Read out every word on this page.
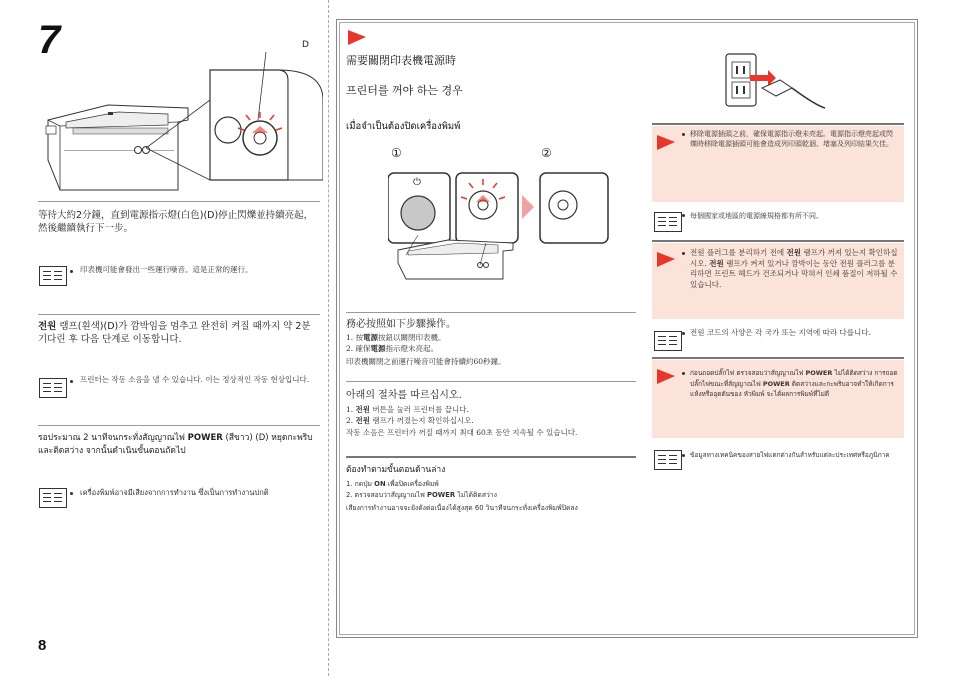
7
8
D
等待大約2分鐘，直到電源指示燈(白色)(D)停止閃爍並持續亮起，然後繼續執行下一步。
印表機可能會發出一些運行噪音。這是正常的運行。
전원 램프(흰색)(D)가 깜박임을 멈추고 완전히 켜질 때까지 약 2분 기다린 후 다음 단계로 이동합니다.
프린터는 작동 소음을 낼 수 있습니다. 이는 정상적인 작동 현상입니다.
รอประมาณ 2 นาทีจนกระทั่งสัญญาณไฟ POWER (สีขาว) (D) หยุดกะพริบและติดสว่าง จากนั้นดำเนินขั้นตอนถัดไป
เครื่องพิมพ์อาจมีเสียงจากการทำงาน ซึ่งเป็นการทำงานปกติ
需要關閉印表機電源時
프린터를 꺼야 하는 경우
เมื่อจำเป็นต้องปิดเครื่องพิมพ์
①	②
⏻
務必按照如下步驟操作。
1. 按電源按鈕以關閉印表機。
2. 確保電源指示燈未亮起。
印表機關閉之前運行噪音可能會持續約60秒鐘。
아래의 절차를 따르십시오.
1. 전원 버튼을 눌러 프린터를 끕니다.
2. 전원 램프가 꺼졌는지 확인하십시오.
작동 소음은 프린터가 꺼질 때까지 최대 60초 동안 지속될 수 있습니다.
ต้องทำตามขั้นตอนด้านล่าง
1. กดปุ่ม ON เพื่อปิดเครื่องพิมพ์
2. ตรวจสอบว่าสัญญาณไฟ POWER ไม่ได้ติดสว่าง
เสียงการทำงานอาจจะยังดังต่อเนื่องได้สูงสุด 60 วินาทีจนกระทั่งเครื่องพิมพ์ปิดลง
移除電源插頭之前，確保電源指示燈未亮起。電源指示燈亮起或閃爍時移除電源插頭可能會造成列印頭乾涸、堵塞及列印結果欠佳。
每個國家或地區的電源線規格都有所不同。
전원 플러그를 분리하기 전에 전원 램프가 꺼져 있는지 확인하십시오. 전원 램프가 켜져 있거나 깜박이는 동안 전원 플러그를 분리하면 프린트 헤드가 건조되거나 막혀서 인쇄 품질이 저하될 수 있습니다.
전원 코드의 사양은 각 국가 또는 지역에 따라 다릅니다.
ก่อนถอดปลั๊กไฟ ตรวจสอบว่าสัญญาณไฟ POWER ไม่ได้ติดสว่าง การถอดปลั๊กไฟขณะที่สัญญาณไฟ POWER ติดสว่างและกะพริบอาจทำให้เกิดการแห้งหรืออุดตันของ หัวพิมพ์ จะได้ผลการพิมพ์ที่ไม่ดี
ข้อมูลทางเทคนิคของสายไฟแตกต่างกันสำหรับแต่ละประเทศหรือภูมิภาค
